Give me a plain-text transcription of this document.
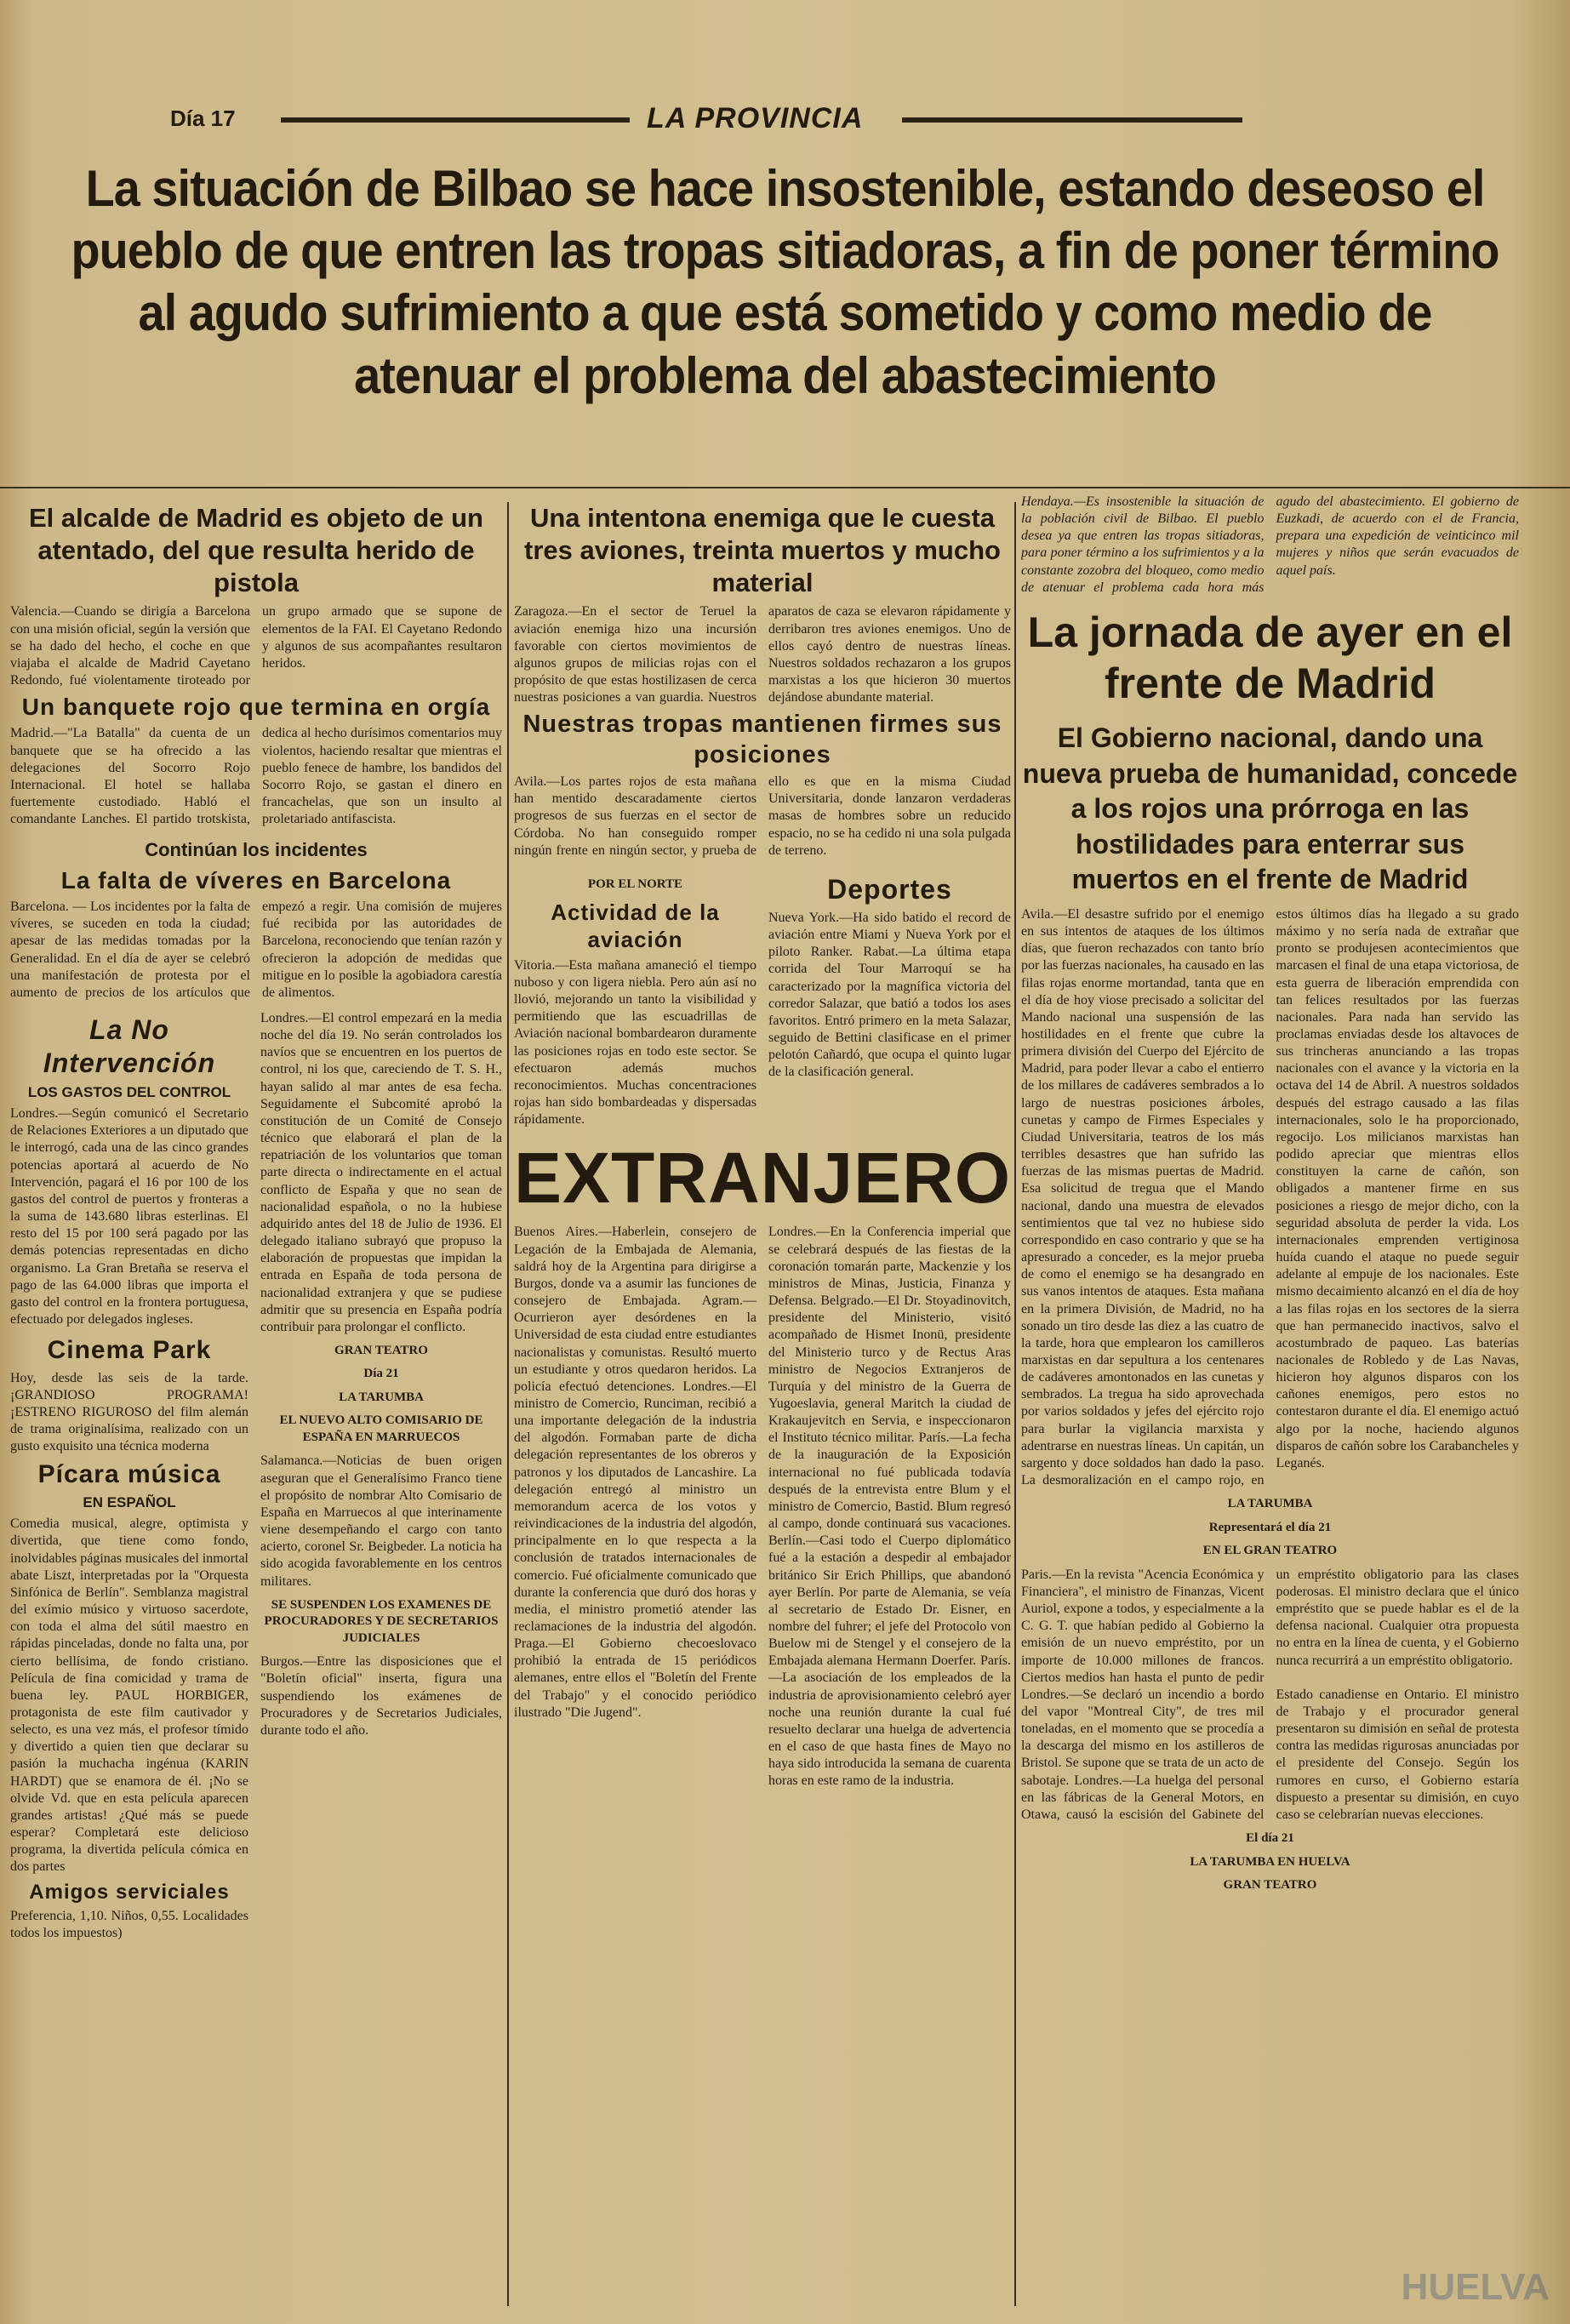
Día 17	LA PROVINCIA
La situación de Bilbao se hace insostenible, estando deseoso el pueblo de que entren las tropas sitiadoras, a fin de poner término al agudo sufrimiento a que está sometido y como medio de atenuar el problema del abastecimiento
El alcalde de Madrid es objeto de un atentado, del que resulta herido de pistola

Valencia.—Cuando se dirigía a Barcelona con una misión oficial, según la versión que se ha dado del hecho, el coche en que viajaba el alcalde de Madrid Cayetano Redondo, fué violentamente tiroteado por un grupo armado que se supone de elementos de la FAI. El Cayetano Redondo y algunos de sus acompañantes resultaron heridos.

Un banquete rojo que termina en orgía

Madrid.—"La Batalla" da cuenta de un banquete que se ha ofrecido a las delegaciones del Socorro Rojo Internacional. El hotel se hallaba fuertemente custodiado. Habló el comandante Lanches. El partido trotskista, dedica al hecho durísimos comentarios muy violentos, haciendo resaltar que mientras el pueblo fenece de hambre, los bandidos del Socorro Rojo, se gastan el dinero en francachelas, que son un insulto al proletariado antifascista.

Continúan los incidentes
La falta de víveres en Barcelona

Barcelona. — Los incidentes por la falta de víveres, se suceden en toda la ciudad; apesar de las medidas tomadas por la Generalidad. En el día de ayer se celebró una manifestación de protesta por el aumento de precios de los artículos que empezó a regir. Una comisión de mujeres fué recibida por las autoridades de Barcelona, reconociendo que tenían razón y ofrecieron la adopción de medidas que mitigue en lo posible la agobiadora carestía de alimentos.

La No Intervención
LOS GASTOS DEL CONTROL

Londres.—Según comunicó el Secretario de Relaciones Exteriores a un diputado que le interrogó, cada una de las cinco grandes potencias aportará al acuerdo de No Intervención, pagará el 16 por 100 de los gastos del control de puertos y fronteras a la suma de 143.680 libras esterlinas. El resto del 15 por 100 será pagado por las demás potencias representadas en dicho organismo. La Gran Bretaña se reserva el pago de las 64.000 libras que importa el gasto del control en la frontera portuguesa, efectuado por delegados ingleses.

Cinema Park

Hoy, desde las seis de la tarde. ¡GRANDIOSO PROGRAMA! ¡ESTRENO RIGUROSO del film alemán de trama originalísima, realizado con un gusto exquisito una técnica moderna

Pícara música
EN ESPAÑOL

Comedia musical, alegre, optimista y divertida, que tiene como fondo, inolvidables páginas musicales del inmortal abate Liszt, interpretadas por la "Orquesta Sinfónica de Berlín". Semblanza magistral del exímio músico y virtuoso sacerdote, con toda el alma del sútil maestro en rápidas pinceladas, donde no falta una, por cierto bellísima, de fondo cristiano. Película de fina comicidad y trama de buena ley. PAUL HORBIGER, protagonista de este film cautivador y selecto, es una vez más, el profesor tímido y divertido a quien tien que declarar su pasión la muchacha ingénua (KARIN HARDT) que se enamora de él. ¡No se olvide Vd. que en esta película aparecen grandes artistas! ¿Qué más se puede esperar? Completará este delicioso programa, la divertida película cómica en dos partes

Amigos serviciales

Preferencia, 1,10. Niños, 0,55. Localidades todos los impuestos)

Londres.—El control empezará en la media noche del día 19. No serán controlados los navíos que se encuentren en los puertos de control, ni los que, careciendo de T. S. H., hayan salido al mar antes de esa fecha. Seguidamente el Subcomité aprobó la constitución de un Comité de Consejo técnico que elaborará el plan de la repatriación de los voluntarios que toman parte directa o indirectamente en el actual conflicto de España y que no sean de nacionalidad española, o no la hubiese adquirido antes del 18 de Julio de 1936. El delegado italiano subrayó que propuso la elaboración de propuestas que impidan la entrada en España de toda persona de nacionalidad extranjera y que se pudiese admitir que su presencia en España podría contribuir para prolongar el conflicto.

GRAN TEATRO
Día 21
LA TARUMBA
EL NUEVO ALTO COMISARIO DE ESPAÑA EN MARRUECOS

Salamanca.—Noticias de buen origen aseguran que el Generalísimo Franco tiene el propósito de nombrar Alto Comisario de España en Marruecos al que interinamente viene desempeñando el cargo con tanto acierto, coronel Sr. Beigbeder. La noticia ha sido acogida favorablemente en los centros militares.

SE SUSPENDEN LOS EXAMENES DE PROCURADORES Y DE SECRETARIOS JUDICIALES

Burgos.—Entre las disposiciones que el "Boletín oficial" inserta, figura una suspendiendo los exámenes de Procuradores y de Secretarios Judiciales, durante todo el año.

Una intentona enemiga que le cuesta tres aviones, treinta muertos y mucho material

Zaragoza.—En el sector de Teruel la aviación enemiga hizo una incursión favorable con ciertos movimientos de algunos grupos de milicias rojas con el propósito de que estas hostilizasen de cerca nuestras posiciones a van guardia. Nuestros aparatos de caza se elevaron rápidamente y derribaron tres aviones enemigos. Uno de ellos cayó dentro de nuestras líneas. Nuestros soldados rechazaron a los grupos marxistas a los que hicieron 30 muertos dejándose abundante material.

Nuestras tropas mantienen firmes sus posiciones

Avila.—Los partes rojos de esta mañana han mentido descaradamente ciertos progresos de sus fuerzas en el sector de Córdoba. No han conseguido romper ningún frente en ningún sector, y prueba de ello es que en la misma Ciudad Universitaria, donde lanzaron verdaderas masas de hombres sobre un reducido espacio, no se ha cedido ni una sola pulgada de terreno.

POR EL NORTE
Actividad de la aviación

Vitoria.—Esta mañana amaneció el tiempo nuboso y con ligera niebla. Pero aún así no llovió, mejorando un tanto la visibilidad y permitiendo que las escuadrillas de Aviación nacional bombardearon duramente las posiciones rojas en todo este sector. Se efectuaron además muchos reconocimientos. Muchas concentraciones rojas han sido bombardeadas y dispersadas rápidamente.

Deportes

Nueva York.—Ha sido batido el record de aviación entre Miami y Nueva York por el piloto Ranker. Rabat.—La última etapa corrida del Tour Marroquí se ha caracterizado por la magnífica victoria del corredor Salazar, que batió a todos los ases favoritos. Entró primero en la meta Salazar, seguido de Bettini clasificase en el primer pelotón Cañardó, que ocupa el quinto lugar de la clasificación general.

EXTRANJERO

Buenos Aires.—Haberlein, consejero de Legación de la Embajada de Alemania, saldrá hoy de la Argentina para dirigirse a Burgos, donde va a asumir las funciones de consejero de Embajada. Agram.—Ocurrieron ayer desórdenes en la Universidad de esta ciudad entre estudiantes nacionalistas y comunistas. Resultó muerto un estudiante y otros quedaron heridos. La policía efectuó detenciones. Londres.—El ministro de Comercio, Runciman, recibió a una importante delegación de la industria del algodón. Formaban parte de dicha delegación representantes de los obreros y patronos y los diputados de Lancashire. La delegación entregó al ministro un memorandum acerca de los votos y reivindicaciones de la industria del algodón, principalmente en lo que respecta a la conclusión de tratados internacionales de comercio. Fué oficialmente comunicado que durante la conferencia que duró dos horas y media, el ministro prometió atender las reclamaciones de la industria del algodón. Praga.—El Gobierno checoeslovaco prohibió la entrada de 15 periódicos alemanes, entre ellos el "Boletín del Frente del Trabajo" y el conocido periódico ilustrado "Die Jugend".

Londres.—En la Conferencia imperial que se celebrará después de las fiestas de la coronación tomarán parte, Mackenzie y los ministros de Minas, Justicia, Finanza y Defensa. Belgrado.—El Dr. Stoyadinovitch, presidente del Ministerio, visitó acompañado de Hismet Inonü, presidente del Ministerio turco y de Rectus Aras ministro de Negocios Extranjeros de Turquía y del ministro de la Guerra de Yugoeslavia, general Maritch la ciudad de Krakaujevitch en Servia, e inspeccionaron el Instituto técnico militar. París.—La fecha de la inauguración de la Exposición internacional no fué publicada todavía después de la entrevista entre Blum y el ministro de Comercio, Bastid. Blum regresó al campo, donde continuará sus vacaciones. Berlín.—Casi todo el Cuerpo diplomático fué a la estación a despedir al embajador británico Sir Erich Phillips, que abandonó ayer Berlín. Por parte de Alemania, se veía al secretario de Estado Dr. Eisner, en nombre del fuhrer; el jefe del Protocolo von Buelow mi de Stengel y el consejero de la Embajada alemana Hermann Doerfer. París.—La asociación de los empleados de la industria de aprovisionamiento celebró ayer noche una reunión durante la cual fué resuelto declarar una huelga de advertencia en el caso de que hasta fines de Mayo no haya sido introducida la semana de cuarenta horas en este ramo de la industria.

Hendaya.—Es insostenible la situación de la población civil de Bilbao. El pueblo desea ya que entren las tropas sitiadoras, para poner término a los sufrimientos y a la constante zozobra del bloqueo, como medio de atenuar el problema cada hora más agudo del abastecimiento. El gobierno de Euzkadi, de acuerdo con el de Francia, prepara una expedición de veinticinco mil mujeres y niños que serán evacuados de aquel país.

La jornada de ayer en el frente de Madrid
El Gobierno nacional, dando una nueva prueba de humanidad, concede a los rojos una prórroga en las hostilidades para enterrar sus muertos en el frente de Madrid

Avila.—El desastre sufrido por el enemigo en sus intentos de ataques de los últimos días, que fueron rechazados con tanto brío por las fuerzas nacionales, ha causado en las filas rojas enorme mortandad, tanta que en el día de hoy viose precisado a solicitar del Mando nacional una suspensión de las hostilidades en el frente que cubre la primera división del Cuerpo del Ejército de Madrid, para poder llevar a cabo el entierro de los millares de cadáveres sembrados a lo largo de nuestras posiciones árboles, cunetas y campo de Firmes Especiales y Ciudad Universitaria, teatros de los más terribles desastres que han sufrido las fuerzas de las mismas puertas de Madrid. Esa solicitud de tregua que el Mando nacional, dando una muestra de elevados sentimientos que tal vez no hubiese sido correspondido en caso contrario y que se ha apresurado a conceder, es la mejor prueba de como el enemigo se ha desangrado en sus vanos intentos de ataques. Esta mañana en la primera División, de Madrid, no ha sonado un tiro desde las diez a las cuatro de la tarde, hora que emplearon los camilleros marxistas en dar sepultura a los centenares de cadáveres amontonados en las cunetas y sembrados. La tregua ha sido aprovechada por varios soldados y jefes del ejército rojo para burlar la vigilancia marxista y adentrarse en nuestras líneas. Un capitán, un sargento y doce soldados han dado la paso. La desmoralización en el campo rojo, en estos últimos días ha llegado a su grado máximo y no sería nada de extrañar que pronto se produjesen acontecimientos que marcasen el final de una etapa victoriosa, de esta guerra de liberación emprendida con tan felices resultados por las fuerzas nacionales. Para nada han servido las proclamas enviadas desde los altavoces de sus trincheras anunciando a las tropas nacionales con el avance y la victoria en la octava del 14 de Abril. A nuestros soldados después del estrago causado a las filas internacionales, solo le ha proporcionado, regocijo. Los milicianos marxistas han podido apreciar que mientras ellos constituyen la carne de cañón, son obligados a mantener firme en sus posiciones a riesgo de mejor dicho, con la seguridad absoluta de perder la vida. Los internacionales emprenden vertiginosa huída cuando el ataque no puede seguir adelante al empuje de los nacionales. Este mismo decaimiento alcanzó en el día de hoy a las filas rojas en los sectores de la sierra que han permanecido inactivos, salvo el acostumbrado de paqueo. Las baterías nacionales de Robledo y de Las Navas, hicieron hoy algunos disparos con los cañones enemigos, pero estos no contestaron durante el día. El enemigo actuó algo por la noche, haciendo algunos disparos de cañón sobre los Carabancheles y Leganés.

LA TARUMBA
Representará el día 21
EN EL GRAN TEATRO

Paris.—En la revista "Acencia Económica y Financiera", el ministro de Finanzas, Vicent Auriol, expone a todos, y especialmente a la C. G. T. que habían pedido al Gobierno la emisión de un nuevo empréstito, por un importe de 10.000 millones de francos. Ciertos medios han hasta el punto de pedir un empréstito obligatorio para las clases poderosas. El ministro declara que el único empréstito que se puede hablar es el de la defensa nacional. Cualquier otra propuesta no entra en la línea de cuenta, y el Gobierno nunca recurrirá a un empréstito obligatorio.

Londres.—Se declaró un incendio a bordo del vapor "Montreal City", de tres mil toneladas, en el momento que se procedía a la descarga del mismo en los astilleros de Bristol. Se supone que se trata de un acto de sabotaje. Londres.—La huelga del personal en las fábricas de la General Motors, en Otawa, causó la escisión del Gabinete del Estado canadiense en Ontario. El ministro de Trabajo y el procurador general presentaron su dimisión en señal de protesta contra las medidas rigurosas anunciadas por el presidente del Consejo. Según los rumores en curso, el Gobierno estaría dispuesto a presentar su dimisión, en cuyo caso se celebrarían nuevas elecciones.

El día 21
LA TARUMBA EN HUELVA
GRAN TEATRO
HUELVA
